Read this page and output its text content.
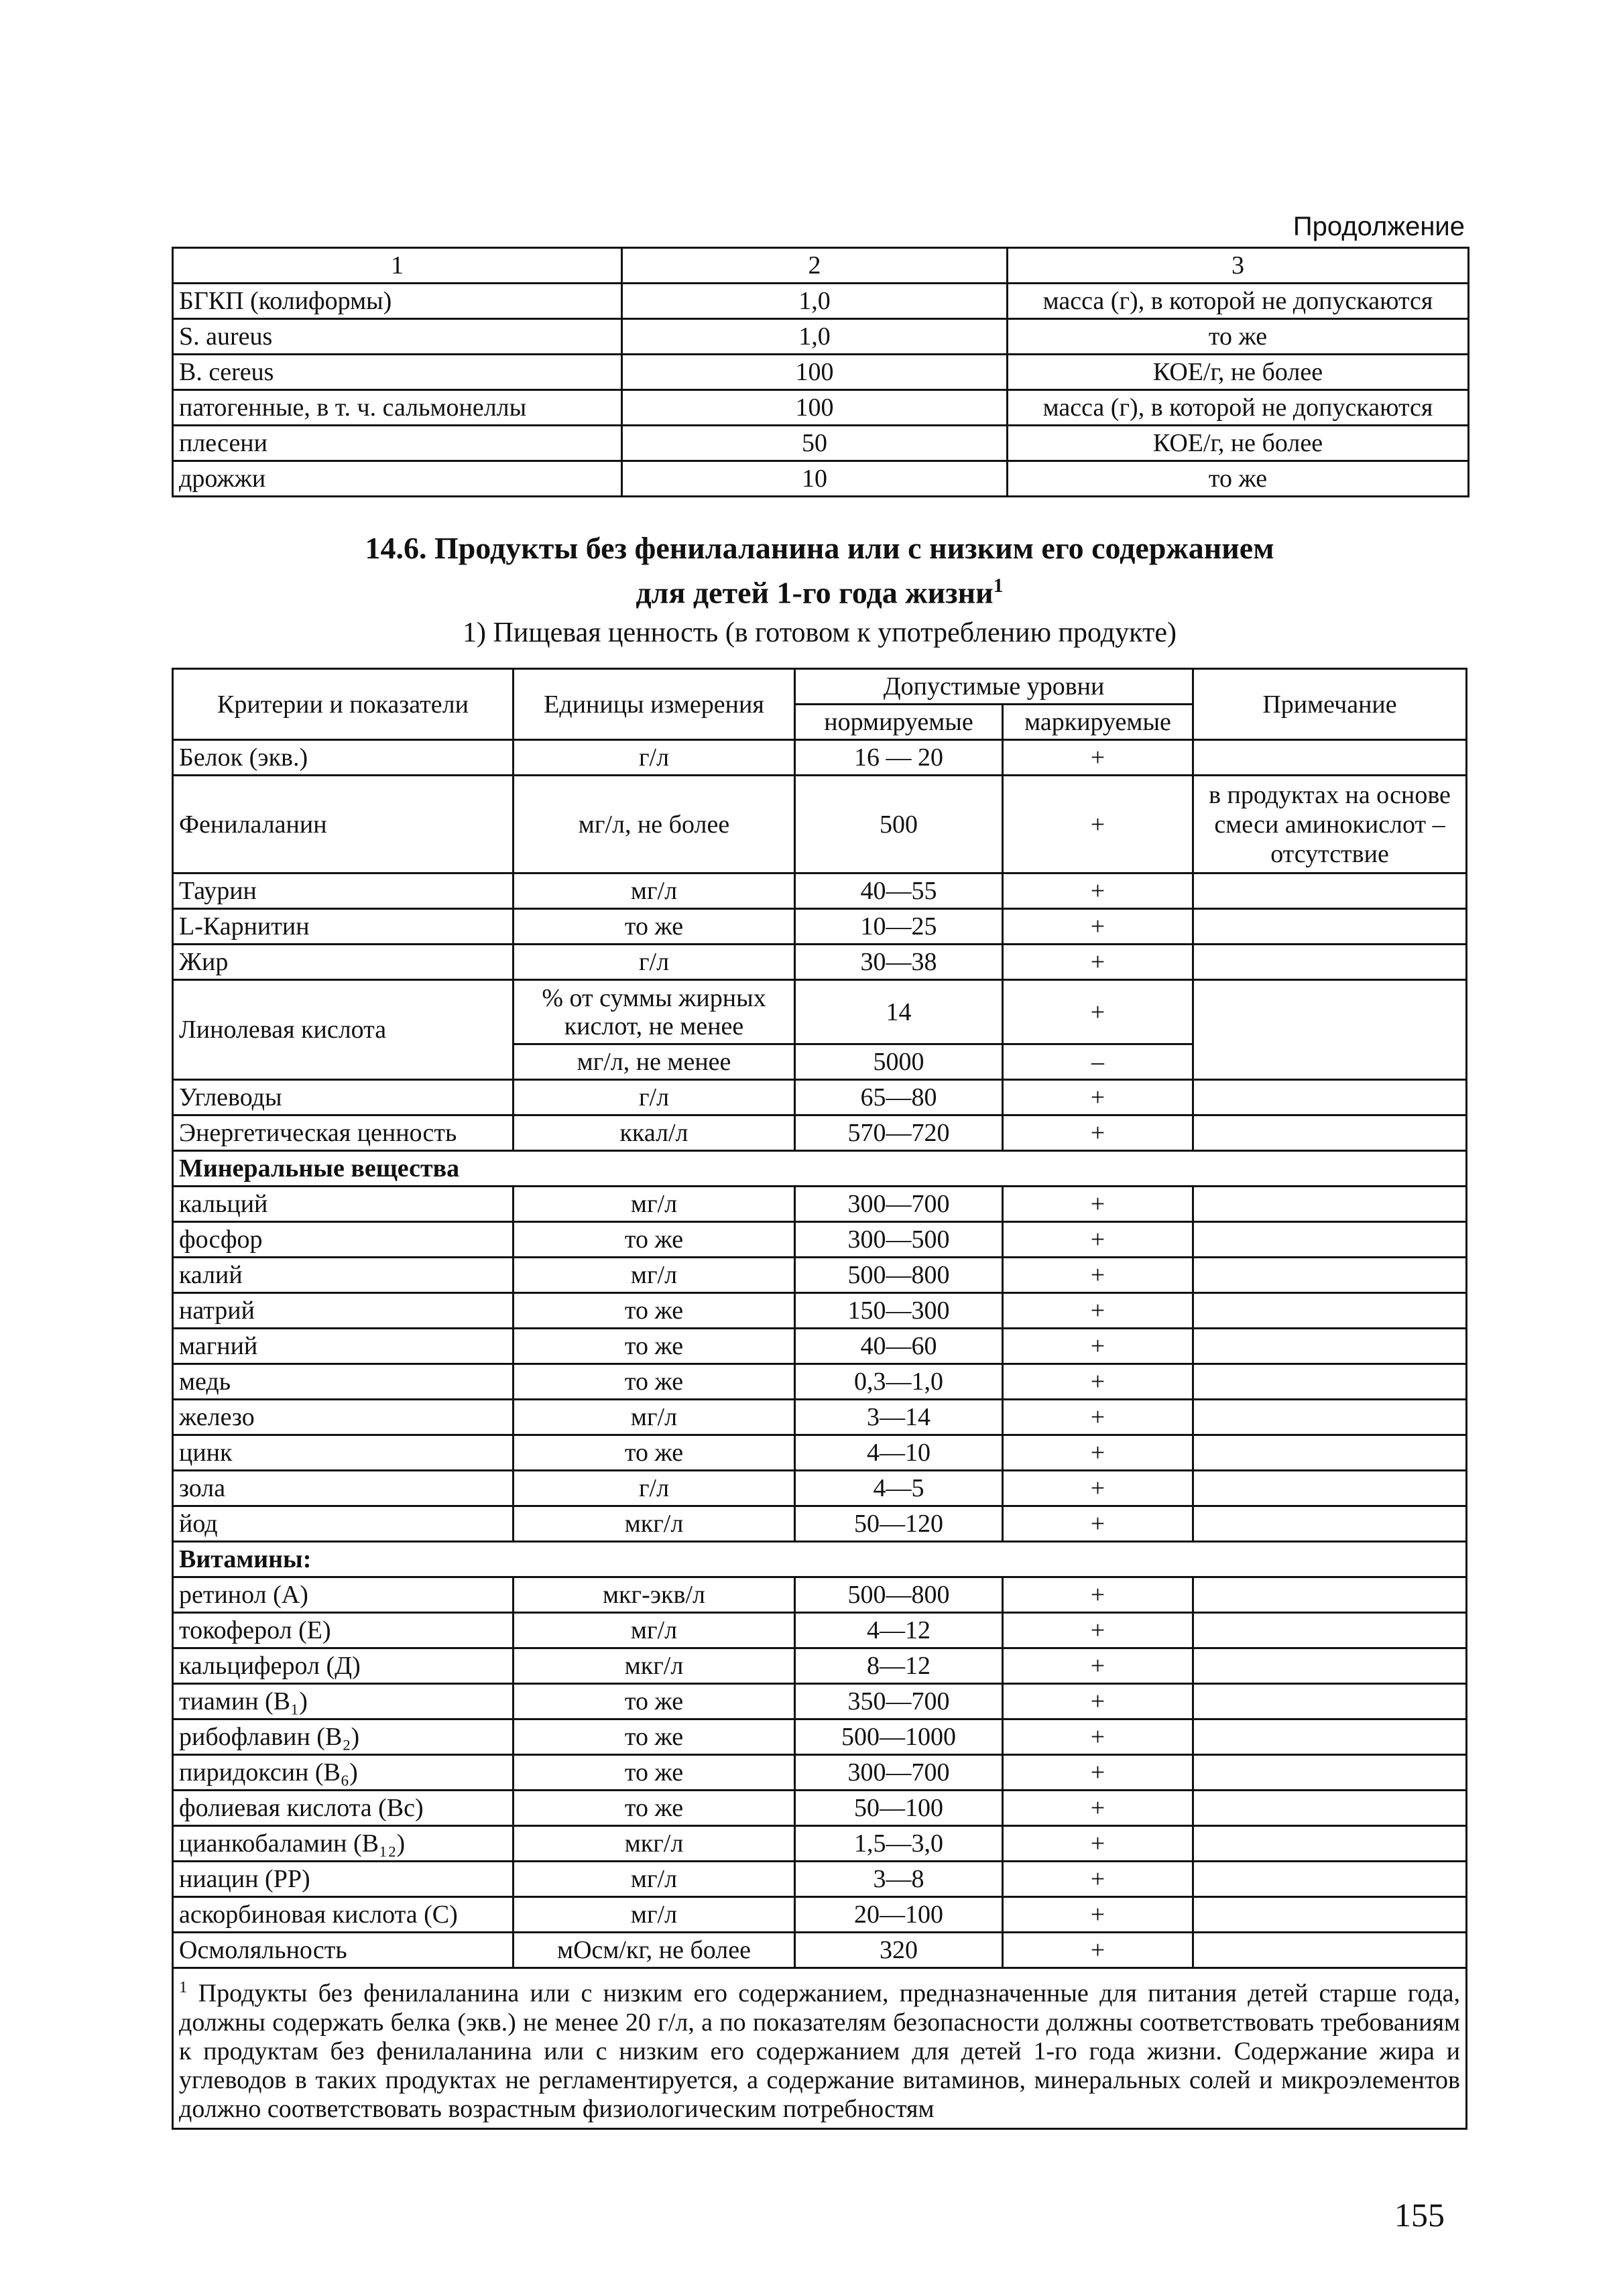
Продолжение
1	2	3
БГКП (колиформы)	1,0	масса (г), в которой не допускаются
S. aureus	1,0	то же
B. cereus	100	КОЕ/г, не более
патогенные, в т. ч. сальмонеллы	100	масса (г), в которой не допускаются
плесени	50	КОЕ/г, не более
дрожжи	10	то же
14.6. Продукты без фенилаланина или с низким его содержанием
для детей 1-го года жизни$^1$
1) Пищевая ценность (в готовом к употреблению продукте)
Критерии и показатели	Единицы измерения	Допустимые уровни		Примечание
		нормируемые	маркируемые	
Белок (экв.)	г/л	16 — 20	+	
Фенилаланин	мг/л, не более	500	+	в продуктах на основе смеси аминокислот – отсутствие
Таурин	мг/л	40—55	+	
L-Карнитин	то же	10—25	+	
Жир	г/л	30—38	+	
Линолевая кислота	% от суммы жирных кислот, не менее	14	+	
	мг/л, не менее	5000	–	
Углеводы	г/л	65—80	+	
Энергетическая ценность	ккал/л	570—720	+	
Минеральные вещества				
кальций	мг/л	300—700	+	
фосфор	то же	300—500	+	
калий	мг/л	500—800	+	
натрий	то же	150—300	+	
магний	то же	40—60	+	
медь	то же	0,3—1,0	+	
железо	мг/л	3—14	+	
цинк	то же	4—10	+	
зола	г/л	4—5	+	
йод	мкг/л	50—120	+	
Витамины:				
ретинол (А)	мкг-экв/л	500—800	+	
токоферол (Е)	мг/л	4—12	+	
кальциферол (Д)	мкг/л	8—12	+	
тиамин (B₁)	то же	350—700	+	
рибофлавин (B₂)	то же	500—1000	+	
пиридоксин (B₆)	то же	300—700	+	
фолиевая кислота (Вс)	то же	50—100	+	
цианкобаламин (B₁₂)	мкг/л	1,5—3,0	+	
ниацин (РР)	мг/л	3—8	+	
аскорбиновая кислота (С)	мг/л	20—100	+	
Осмоляльность	мОсм/кг, не более	320	+	
$^1$ Продукты без фенилаланина или с низким его содержанием, предназначенные для питания детей старше года, должны содержать белка (экв.) не менее 20 г/л, а по показателям безопасности должны соответствовать требованиям к продуктам без фенилаланина или с низким его содержанием для детей 1-го года жизни. Содержание жира и углеводов в таких продуктах не регламентируется, а содержание витаминов, минеральных солей и микроэлементов должно соответствовать возрастным физиологическим потребностям				
155
